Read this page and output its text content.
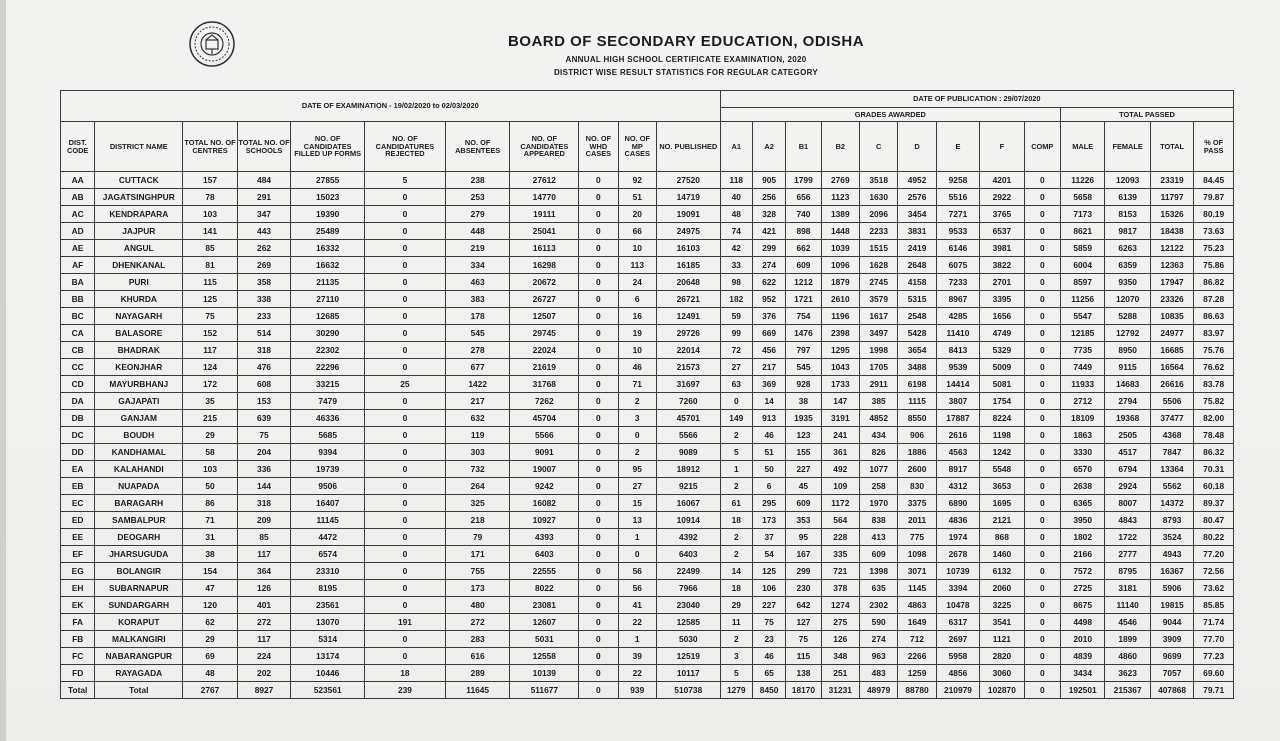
BOARD OF SECONDARY EDUCATION, ODISHA
ANNUAL HIGH SCHOOL CERTIFICATE EXAMINATION, 2020
DISTRICT WISE RESULT STATISTICS FOR REGULAR CATEGORY
DATE OF EXAMINATION - 19/02/2020 to 02/03/2020											DATE OF PUBLICATION : 29/07/2020												
											GRADES AWARDED									TOTAL PASSED			
DIST. CODE	DISTRICT NAME	TOTAL NO. OF CENTRES	TOTAL NO. OF SCHOOLS	NO. OF CANDIDATES FILLED UP FORMS	NO. OF CANDIDATURES REJECTED	NO. OF ABSENTEES	NO. OF CANDIDATES APPEARED	NO. OF WHD CASES	NO. OF MP CASES	NO. PUBLISHED	A1	A2	B1	B2	C	D	E	F	COMP	MALE	FEMALE	TOTAL	% OF PASS
AA	CUTTACK	157	484	27855	5	238	27612	0	92	27520	118	905	1799	2769	3518	4952	9258	4201	0	11226	12093	23319	84.45
AB	JAGATSINGHPUR	78	291	15023	0	253	14770	0	51	14719	40	256	656	1123	1630	2576	5516	2922	0	5658	6139	11797	79.87
AC	KENDRAPARA	103	347	19390	0	279	19111	0	20	19091	48	328	740	1389	2096	3454	7271	3765	0	7173	8153	15326	80.19
AD	JAJPUR	141	443	25489	0	448	25041	0	66	24975	74	421	898	1448	2233	3831	9533	6537	0	8621	9817	18438	73.63
AE	ANGUL	85	262	16332	0	219	16113	0	10	16103	42	299	662	1039	1515	2419	6146	3981	0	5859	6263	12122	75.23
AF	DHENKANAL	81	269	16632	0	334	16298	0	113	16185	33	274	609	1096	1628	2648	6075	3822	0	6004	6359	12363	75.86
BA	PURI	115	358	21135	0	463	20672	0	24	20648	98	622	1212	1879	2745	4158	7233	2701	0	8597	9350	17947	86.82
BB	KHURDA	125	338	27110	0	383	26727	0	6	26721	182	952	1721	2610	3579	5315	8967	3395	0	11256	12070	23326	87.28
BC	NAYAGARH	75	233	12685	0	178	12507	0	16	12491	59	376	754	1196	1617	2548	4285	1656	0	5547	5288	10835	86.63
CA	BALASORE	152	514	30290	0	545	29745	0	19	29726	99	669	1476	2398	3497	5428	11410	4749	0	12185	12792	24977	83.97
CB	BHADRAK	117	318	22302	0	278	22024	0	10	22014	72	456	797	1295	1998	3654	8413	5329	0	7735	8950	16685	75.76
CC	KEONJHAR	124	476	22296	0	677	21619	0	46	21573	27	217	545	1043	1705	3488	9539	5009	0	7449	9115	16564	76.62
CD	MAYURBHANJ	172	608	33215	25	1422	31768	0	71	31697	63	369	928	1733	2911	6198	14414	5081	0	11933	14683	26616	83.78
DA	GAJAPATI	35	153	7479	0	217	7262	0	2	7260	0	14	38	147	385	1115	3807	1754	0	2712	2794	5506	75.82
DB	GANJAM	215	639	46336	0	632	45704	0	3	45701	149	913	1935	3191	4852	8550	17887	8224	0	18109	19368	37477	82.00
DC	BOUDH	29	75	5685	0	119	5566	0	0	5566	2	46	123	241	434	906	2616	1198	0	1863	2505	4368	78.48
DD	KANDHAMAL	58	204	9394	0	303	9091	0	2	9089	5	51	155	361	826	1886	4563	1242	0	3330	4517	7847	86.32
EA	KALAHANDI	103	336	19739	0	732	19007	0	95	18912	1	50	227	492	1077	2600	8917	5548	0	6570	6794	13364	70.31
EB	NUAPADA	50	144	9506	0	264	9242	0	27	9215	2	6	45	109	258	830	4312	3653	0	2638	2924	5562	60.18
EC	BARAGARH	86	318	16407	0	325	16082	0	15	16067	61	295	609	1172	1970	3375	6890	1695	0	6365	8007	14372	89.37
ED	SAMBALPUR	71	209	11145	0	218	10927	0	13	10914	18	173	353	564	838	2011	4836	2121	0	3950	4843	8793	80.47
EE	DEOGARH	31	85	4472	0	79	4393	0	1	4392	2	37	95	228	413	775	1974	868	0	1802	1722	3524	80.22
EF	JHARSUGUDA	38	117	6574	0	171	6403	0	0	6403	2	54	167	335	609	1098	2678	1460	0	2166	2777	4943	77.20
EG	BOLANGIR	154	364	23310	0	755	22555	0	56	22499	14	125	299	721	1398	3071	10739	6132	0	7572	8795	16367	72.56
EH	SUBARNAPUR	47	126	8195	0	173	8022	0	56	7966	18	106	230	378	635	1145	3394	2060	0	2725	3181	5906	73.62
EK	SUNDARGARH	120	401	23561	0	480	23081	0	41	23040	29	227	642	1274	2302	4863	10478	3225	0	8675	11140	19815	85.85
FA	KORAPUT	62	272	13070	191	272	12607	0	22	12585	11	75	127	275	590	1649	6317	3541	0	4498	4546	9044	71.74
FB	MALKANGIRI	29	117	5314	0	283	5031	0	1	5030	2	23	75	126	274	712	2697	1121	0	2010	1899	3909	77.70
FC	NABARANGPUR	69	224	13174	0	616	12558	0	39	12519	3	46	115	348	963	2266	5958	2820	0	4839	4860	9699	77.23
FD	RAYAGADA	48	202	10446	18	289	10139	0	22	10117	5	65	138	251	483	1259	4856	3060	0	3434	3623	7057	69.60
Total	Total	2767	8927	523561	239	11645	511677	0	939	510738	1279	8450	18170	31231	48979	88780	210979	102870	0	192501	215367	407868	79.71
